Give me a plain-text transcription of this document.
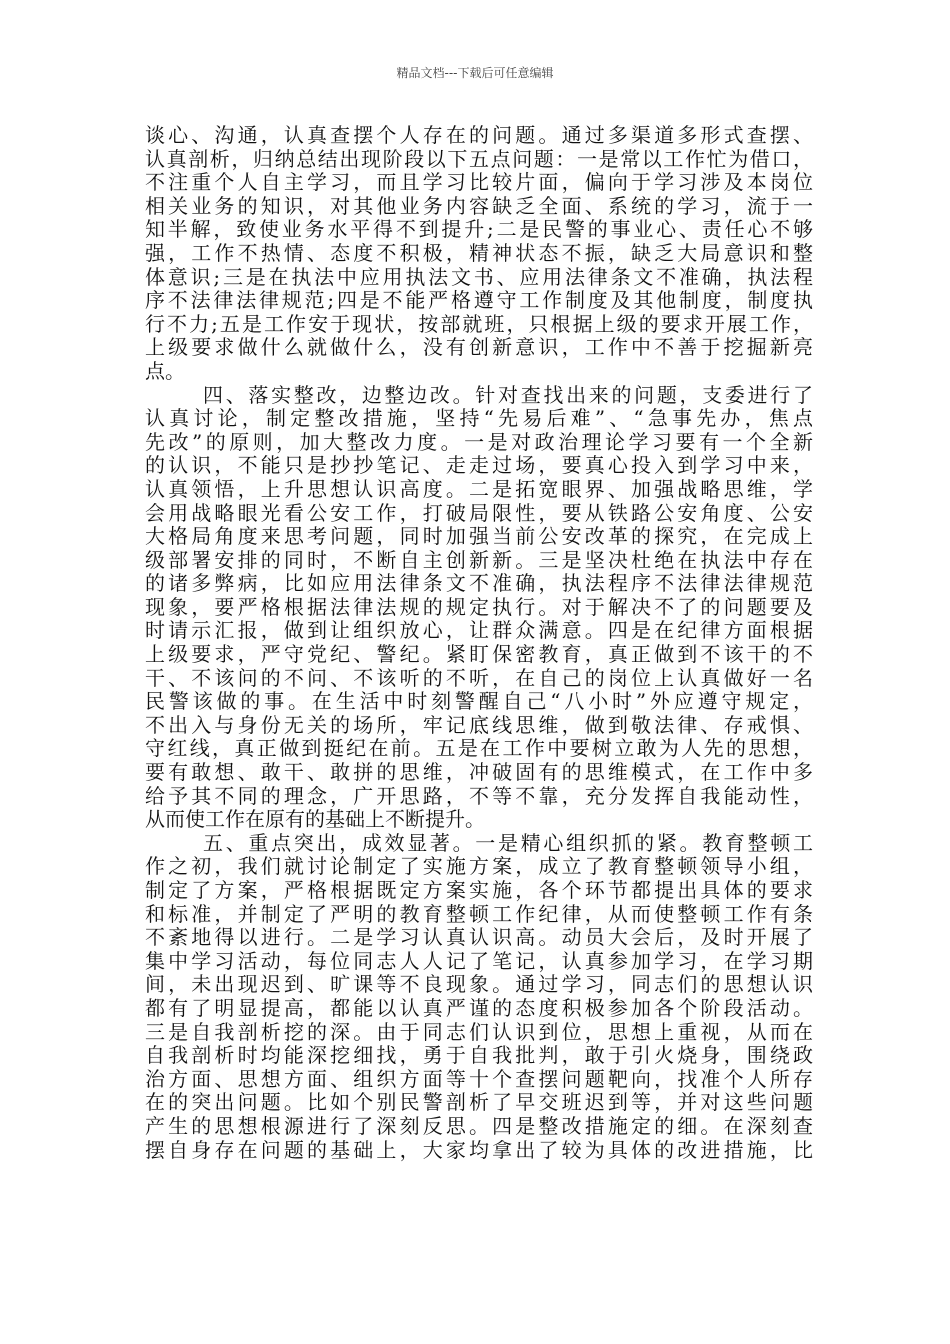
精品文档---下载后可任意编辑
谈心、沟通，认真查摆个人存在的问题。通过多渠道多形式查摆、
认真剖析，归纳总结出现阶段以下五点问题：一是常以工作忙为借口，
不注重个人自主学习，而且学习比较片面，偏向于学习涉及本岗位
相关业务的知识，对其他业务内容缺乏全面、系统的学习，流于一
知半解，致使业务水平得不到提升;二是民警的事业心、责任心不够
强，工作不热情、态度不积极，精神状态不振，缺乏大局意识和整
体意识;三是在执法中应用执法文书、应用法律条文不准确，执法程
序不法律法律规范;四是不能严格遵守工作制度及其他制度，制度执
行不力;五是工作安于现状，按部就班，只根据上级的要求开展工作，
上级要求做什么就做什么，没有创新意识，工作中不善于挖掘新亮
点。
四、落实整改，边整边改。针对查找出来的问题，支委进行了
认真讨论，制定整改措施，坚持“先易后难”、“急事先办，焦点
先改”的原则，加大整改力度。一是对政治理论学习要有一个全新
的认识，不能只是抄抄笔记、走走过场，要真心投入到学习中来，
认真领悟，上升思想认识高度。二是拓宽眼界、加强战略思维，学
会用战略眼光看公安工作，打破局限性，要从铁路公安角度、公安
大格局角度来思考问题，同时加强当前公安改革的探究，在完成上
级部署安排的同时，不断自主创新新。三是坚决杜绝在执法中存在
的诸多弊病，比如应用法律条文不准确，执法程序不法律法律规范
现象，要严格根据法律法规的规定执行。对于解决不了的问题要及
时请示汇报，做到让组织放心，让群众满意。四是在纪律方面根据
上级要求，严守党纪、警纪。紧盯保密教育，真正做到不该干的不
干、不该问的不问、不该听的不听，在自己的岗位上认真做好一名
民警该做的事。在生活中时刻警醒自己“八小时”外应遵守规定，
不出入与身份无关的场所，牢记底线思维，做到敬法律、存戒惧、
守红线，真正做到挺纪在前。五是在工作中要树立敢为人先的思想，
要有敢想、敢干、敢拼的思维，冲破固有的思维模式，在工作中多
给予其不同的理念，广开思路，不等不靠，充分发挥自我能动性，
从而使工作在原有的基础上不断提升。
五、重点突出，成效显著。一是精心组织抓的紧。教育整顿工
作之初，我们就讨论制定了实施方案，成立了教育整顿领导小组，
制定了方案，严格根据既定方案实施，各个环节都提出具体的要求
和标准，并制定了严明的教育整顿工作纪律，从而使整顿工作有条
不紊地得以进行。二是学习认真认识高。动员大会后，及时开展了
集中学习活动，每位同志人人记了笔记，认真参加学习，在学习期
间，未出现迟到、旷课等不良现象。通过学习，同志们的思想认识
都有了明显提高，都能以认真严谨的态度积极参加各个阶段活动。
三是自我剖析挖的深。由于同志们认识到位，思想上重视，从而在
自我剖析时均能深挖细找，勇于自我批判，敢于引火烧身，围绕政
治方面、思想方面、组织方面等十个查摆问题靶向，找准个人所存
在的突出问题。比如个别民警剖析了早交班迟到等，并对这些问题
产生的思想根源进行了深刻反思。四是整改措施定的细。在深刻查
摆自身存在问题的基础上，大家均拿出了较为具体的改进措施，比
